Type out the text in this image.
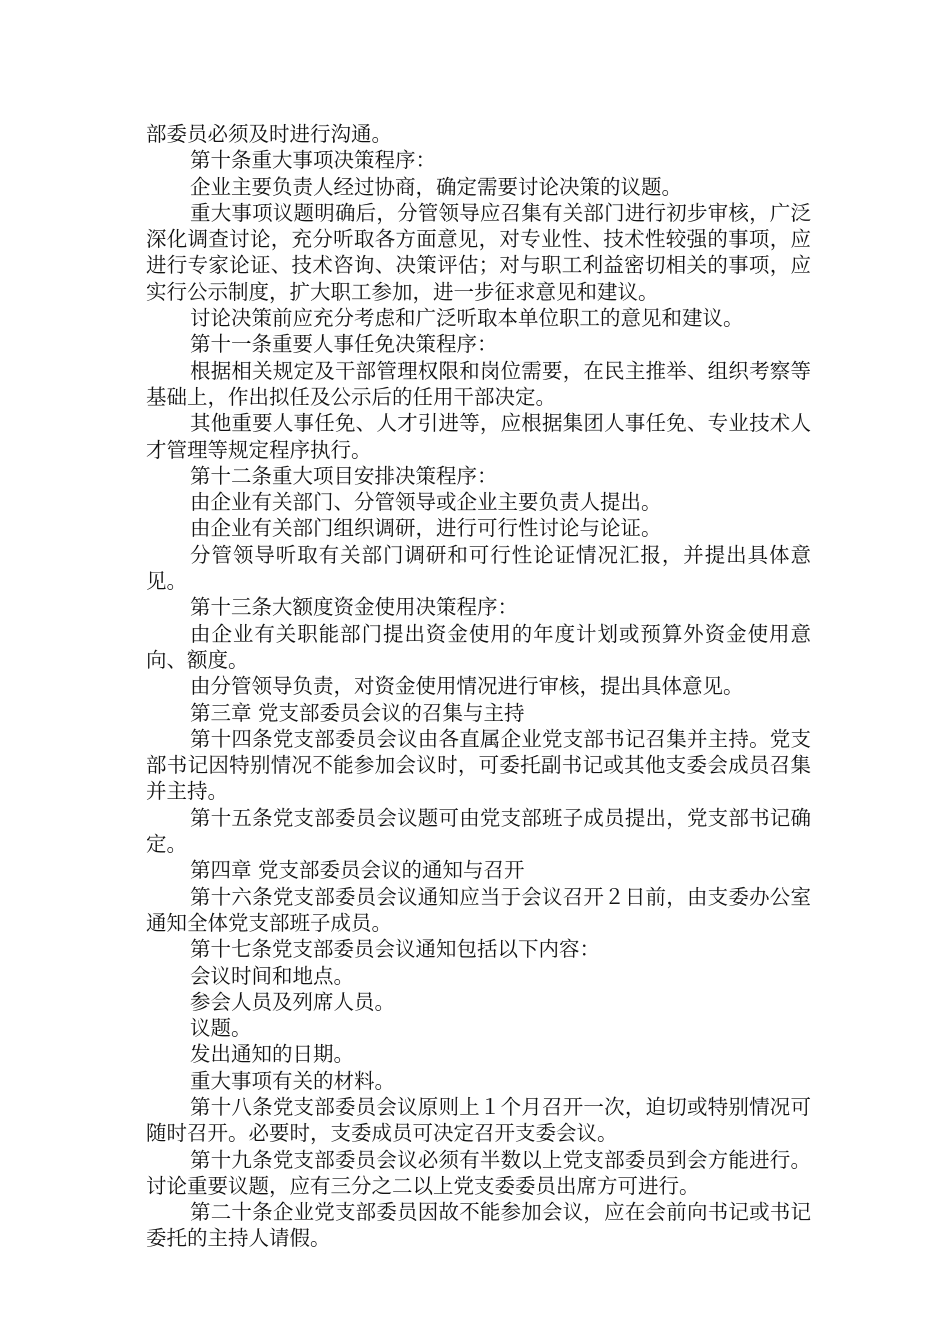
部委员必须及时进行沟通。

第十条重大事项决策程序：

企业主要负责人经过协商，确定需要讨论决策的议题。

重大事项议题明确后，分管领导应召集有关部门进行初步审核，广泛深化调查讨论，充分听取各方面意见，对专业性、技术性较强的事项，应进行专家论证、技术咨询、决策评估；对与职工利益密切相关的事项，应实行公示制度，扩大职工参加，进一步征求意见和建议。

讨论决策前应充分考虑和广泛听取本单位职工的意见和建议。

第十一条重要人事任免决策程序：

根据相关规定及干部管理权限和岗位需要，在民主推举、组织考察等基础上，作出拟任及公示后的任用干部决定。

其他重要人事任免、人才引进等，应根据集团人事任免、专业技术人才管理等规定程序执行。

第十二条重大项目安排决策程序：

由企业有关部门、分管领导或企业主要负责人提出。

由企业有关部门组织调研，进行可行性讨论与论证。

分管领导听取有关部门调研和可行性论证情况汇报，并提出具体意见。

第十三条大额度资金使用决策程序：

由企业有关职能部门提出资金使用的年度计划或预算外资金使用意向、额度。

由分管领导负责，对资金使用情况进行审核，提出具体意见。

第三章 党支部委员会议的召集与主持

第十四条党支部委员会议由各直属企业党支部书记召集并主持。党支部书记因特别情况不能参加会议时，可委托副书记或其他支委会成员召集并主持。

第十五条党支部委员会议题可由党支部班子成员提出，党支部书记确定。

第四章 党支部委员会议的通知与召开

第十六条党支部委员会议通知应当于会议召开２日前，由支委办公室通知全体党支部班子成员。

第十七条党支部委员会议通知包括以下内容：

会议时间和地点。

参会人员及列席人员。

议题。

发出通知的日期。

重大事项有关的材料。

第十八条党支部委员会议原则上１个月召开一次，迫切或特别情况可随时召开。必要时，支委成员可决定召开支委会议。

第十九条党支部委员会议必须有半数以上党支部委员到会方能进行。讨论重要议题，应有三分之二以上党支委委员出席方可进行。

第二十条企业党支部委员因故不能参加会议，应在会前向书记或书记委托的主持人请假。
